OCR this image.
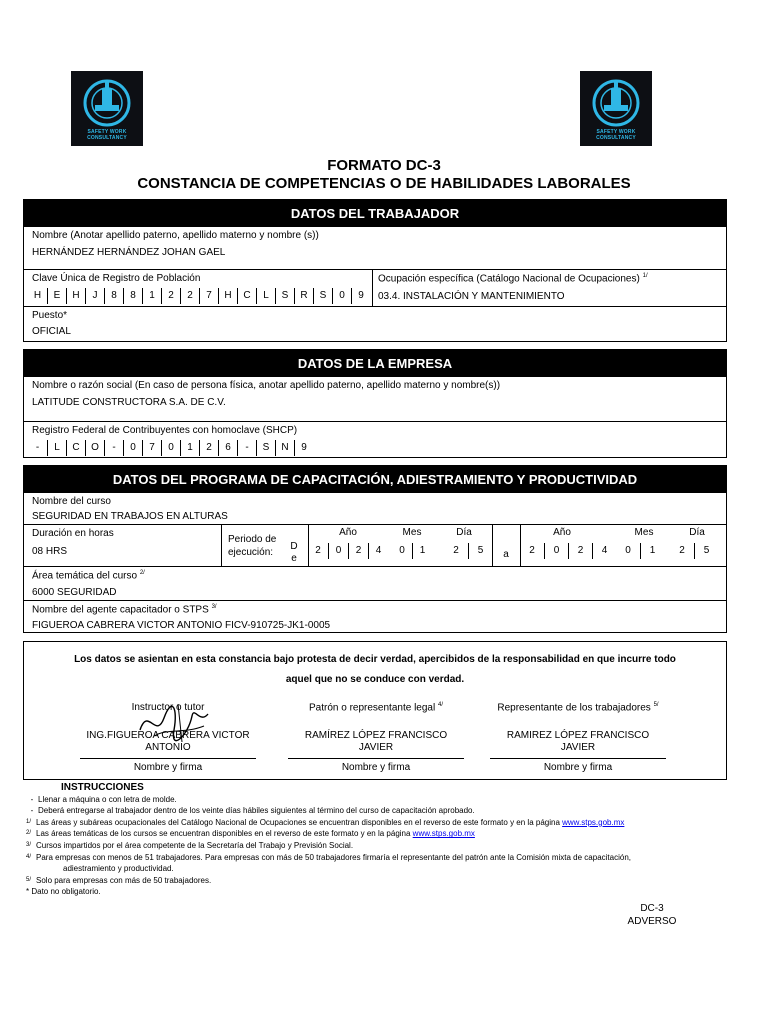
SAFETY WORK CONSULTANCY
SAFETY WORK CONSULTANCY
FORMATO DC-3
CONSTANCIA DE COMPETENCIAS O DE HABILIDADES LABORALES
DATOS DEL TRABAJADOR
Nombre (Anotar apellido paterno, apellido materno y nombre (s))
HERNÁNDEZ HERNÁNDEZ JOHAN GAEL
Clave Única de Registro de Población
H	E	H	J	8	8	1	2	2	7	H	C	L	S	R	S	0	9
Ocupación específica (Catálogo Nacional de Ocupaciones) $^{1/}$
03.4. INSTALACIÓN Y MANTENIMIENTO
Puesto*
OFICIAL
DATOS DE LA EMPRESA
Nombre o razón social (En caso de persona física, anotar apellido paterno, apellido materno y nombre(s))
LATITUDE CONSTRUCTORA S.A. DE C.V.
Registro Federal de Contribuyentes con homoclave (SHCP)
-	L	C	O	-	0	7	0	1	2	6	-	S	N	9
DATOS DEL PROGRAMA DE CAPACITACIÓN, ADIESTRAMIENTO Y PRODUCTIVIDAD
Nombre del curso
SEGURIDAD EN TRABAJOS EN ALTURAS
Duración en horas
08 HRS
Periodo de ejecución:
D e
Año	Mes	Día
2	0	2	4	0	1	2	5	a
Año	Mes	Día
2	0	2	4	0	1	2	5
Área temática del curso $^{2/}$
6000 SEGURIDAD
Nombre del agente capacitador o STPS $^{3/}$
FIGUEROA CABRERA VICTOR ANTONIO FICV-910725-JK1-0005
Los datos se asientan en esta constancia bajo protesta de decir verdad, apercibidos de la responsabilidad en que incurre todo
aquel que no se conduce con verdad.
Instructor o tutor
ING.FIGUEROA CABRERA VICTOR ANTONIO
Nombre y firma
Patrón o representante legal $^{4/}$
RAMÍREZ LÓPEZ FRANCISCO JAVIER
Nombre y firma
Representante de los trabajadores $^{5/}$
RAMIREZ LÓPEZ FRANCISCO JAVIER
Nombre y firma
INSTRUCCIONES
- Llenar a máquina o con letra de molde.
- Deberá entregarse al trabajador dentro de los veinte días hábiles siguientes al término del curso de capacitación aprobado.
1/ Las áreas y subáreas ocupacionales del Catálogo Nacional de Ocupaciones se encuentran disponibles en el reverso de este formato y en la página www.stps.gob.mx
2/ Las áreas temáticas de los cursos se encuentran disponibles en el reverso de este formato y en la página www.stps.gob.mx
3/ Cursos impartidos por el área competente de la Secretaría del Trabajo y Previsión Social.
4/ Para empresas con menos de 51 trabajadores. Para empresas con más de 50 trabajadores firmaría el representante del patrón ante la Comisión mixta de capacitación,
adiestramiento y productividad.
5/ Solo para empresas con más de 50 trabajadores.
* Dato no obligatorio.
DC-3
ADVERSO
